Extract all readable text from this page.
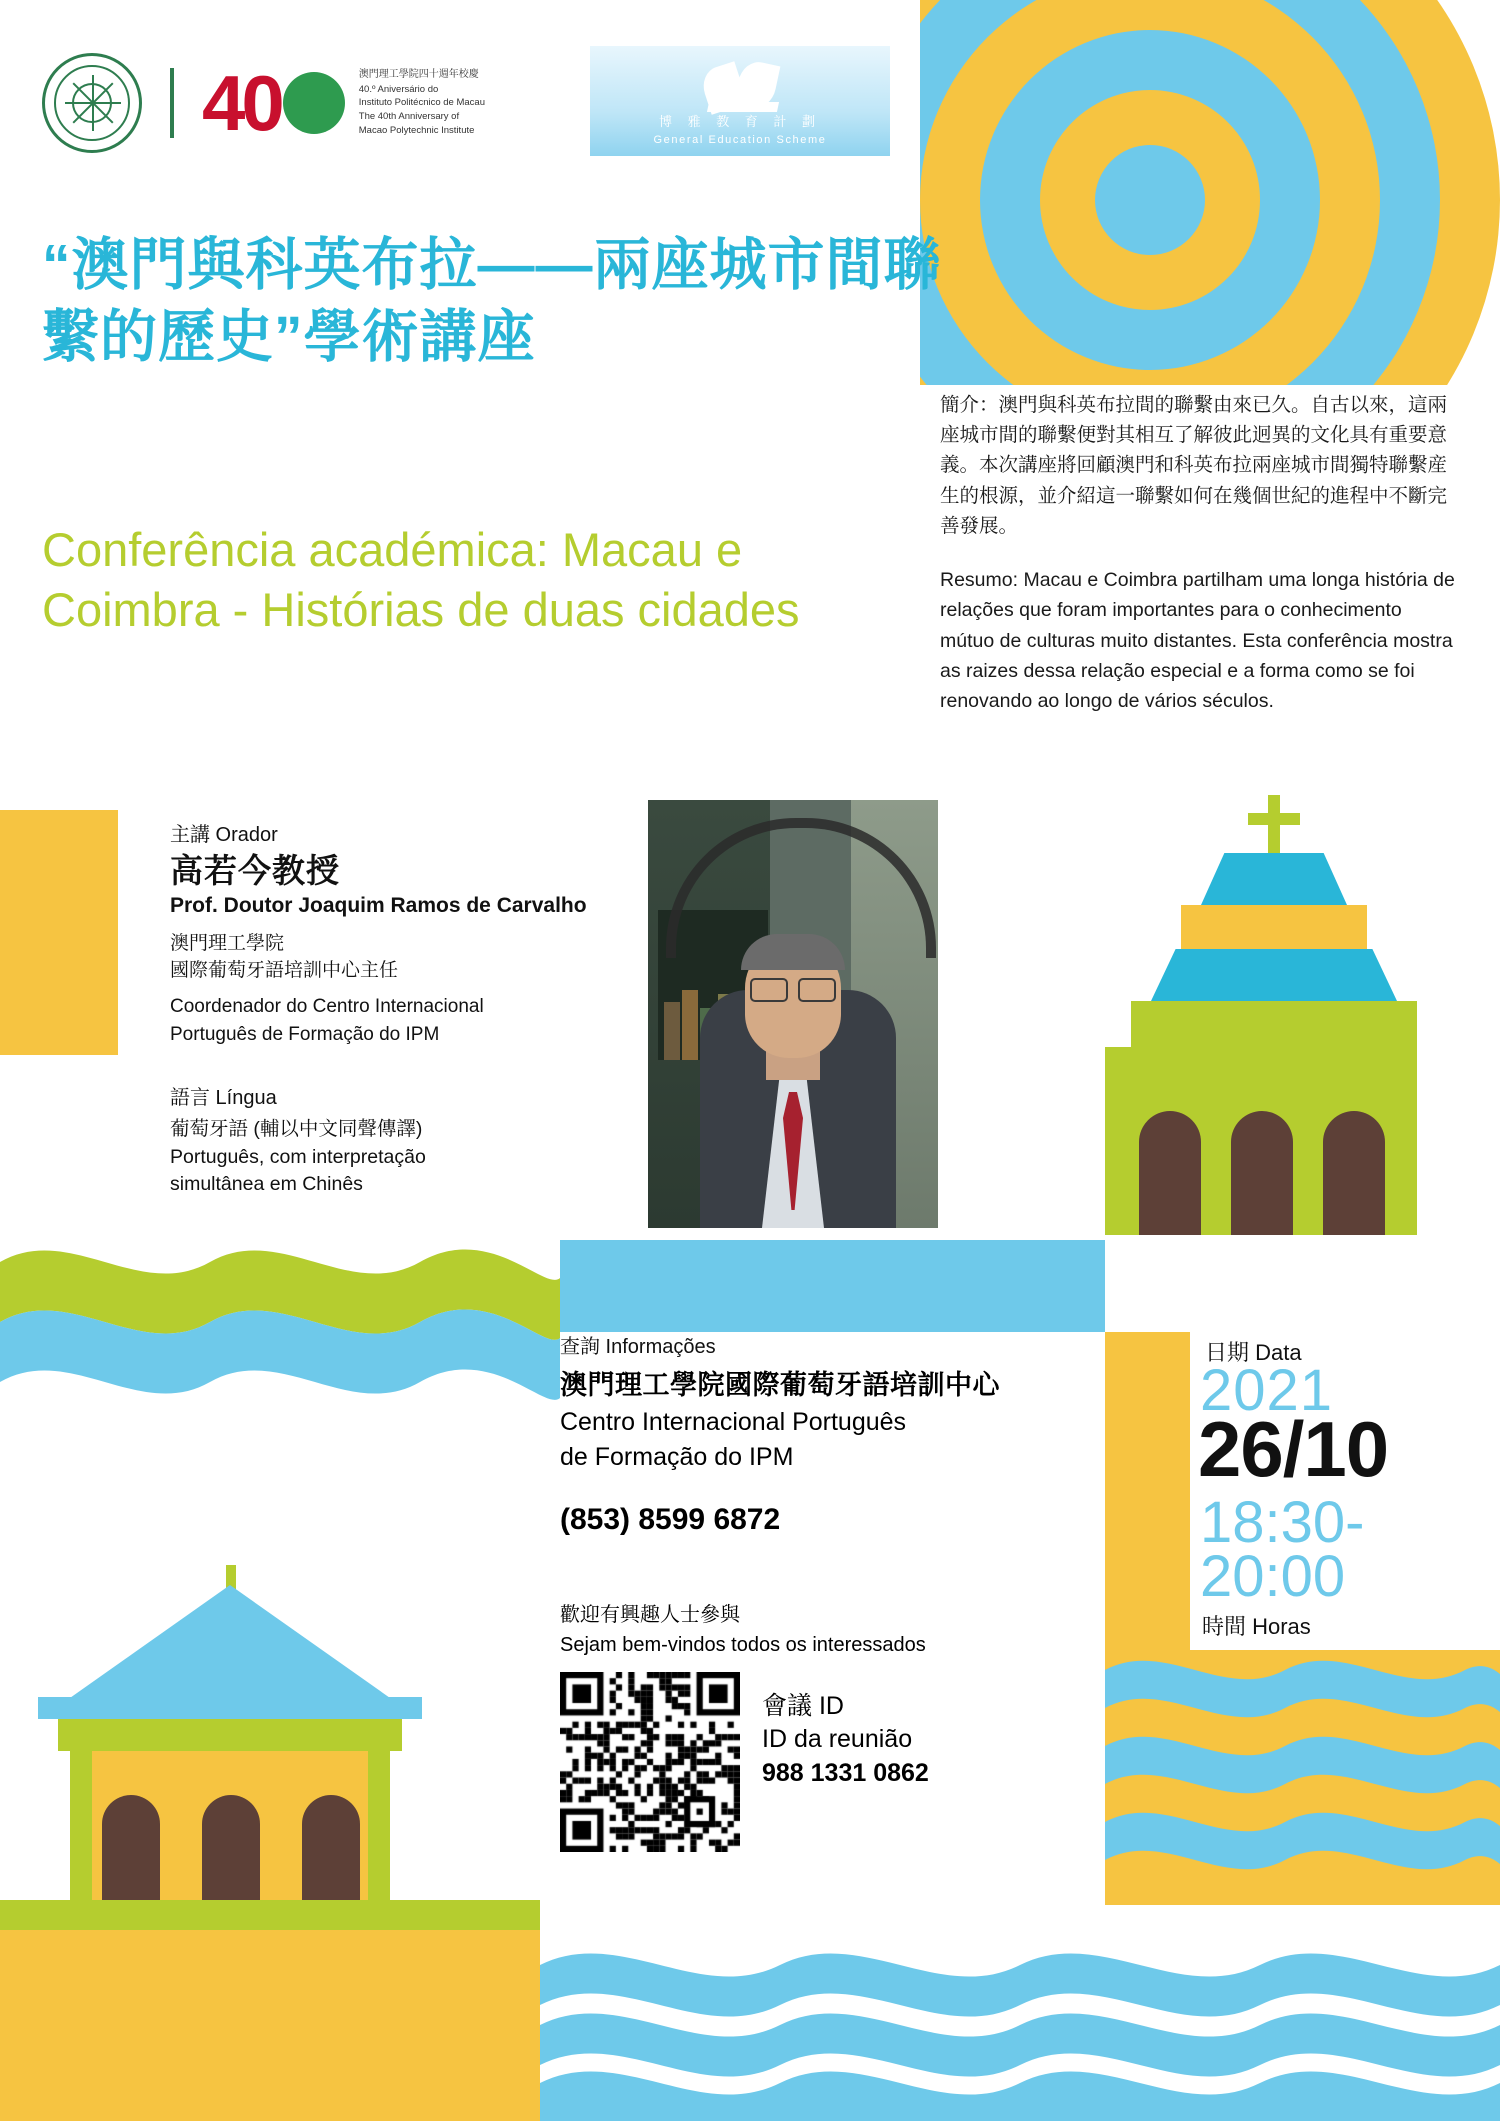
40	澳門理工學院四十週年校慶
40.º Aniversário do
Instituto Politécnico de Macau
The 40th Anniversary of
Macao Polytechnic Institute
博 雅 教 育 計 劃
General Education Scheme
“澳門與科英布拉——兩座城市間聯繫的歷史”學術講座
Conferência académica: Macau e Coimbra - Histórias de duas cidades

簡介：澳門與科英布拉間的聯繫由來已久。自古以來，這兩座城市間的聯繫便對其相互了解彼此迥異的文化具有重要意義。本次講座將回顧澳門和科英布拉兩座城市間獨特聯繫産生的根源，並介紹這一聯繫如何在幾個世紀的進程中不斷完善發展。

Resumo: Macau e Coimbra partilham uma longa história de relações que foram importantes para o conhecimento mútuo de culturas muito distantes. Esta conferência mostra as raizes dessa relação especial e a forma como se foi renovando ao longo de vários séculos.

主講 Orador
高若今教授
Prof. Doutor Joaquim Ramos de Carvalho
澳門理工學院
國際葡萄牙語培訓中心主任
Coordenador do Centro Internacional
Português de Formação do IPM
語言 Língua
葡萄牙語 (輔以中文同聲傳譯)
Português, com interpretação
simultânea em Chinês
查詢 Informações
澳門理工學院國際葡萄牙語培訓中心
Centro Internacional Português
de Formação do IPM
(853) 8599 6872
歡迎有興趣人士參與
Sejam bem-vindos todos os interessados
會議 ID
ID da reunião
988 1331 0862
日期 Data
2021
26/10
18:30-
20:00
時間 Horas
